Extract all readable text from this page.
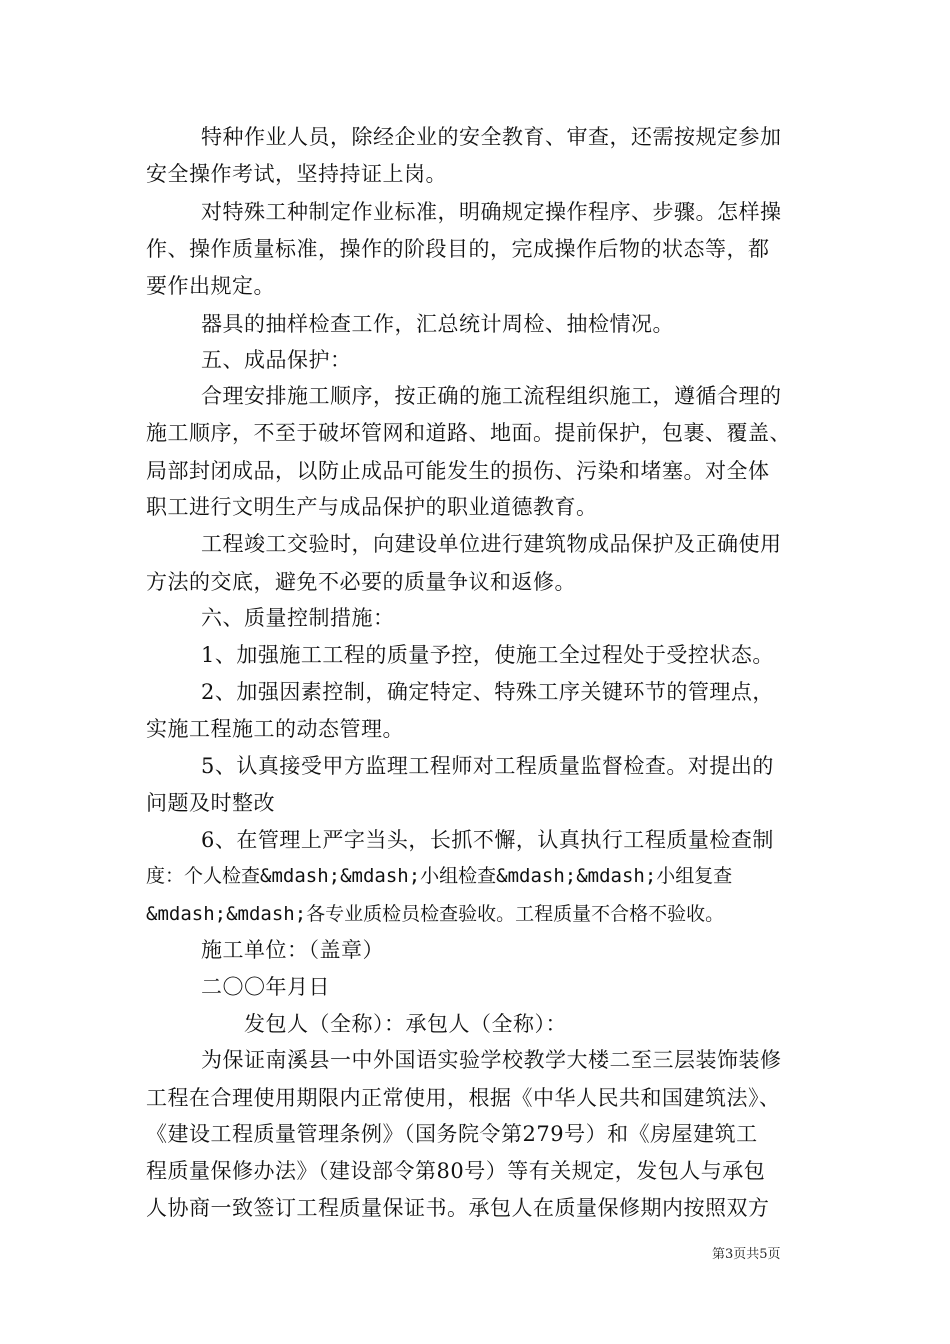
特种作业人员，除经企业的安全教育、审查，还需按规定参加
安全操作考试，坚持持证上岗。
对特殊工种制定作业标准，明确规定操作程序、步骤。怎样操
作、操作质量标准，操作的阶段目的，完成操作后物的状态等，都
要作出规定。
器具的抽样检查工作，汇总统计周检、抽检情况。
五、成品保护：
合理安排施工顺序，按正确的施工流程组织施工，遵循合理的
施工顺序，不至于破坏管网和道路、地面。提前保护，包裹、覆盖、
局部封闭成品，以防止成品可能发生的损伤、污染和堵塞。对全体
职工进行文明生产与成品保护的职业道德教育。
工程竣工交验时，向建设单位进行建筑物成品保护及正确使用
方法的交底，避免不必要的质量争议和返修。
六、质量控制措施：
1、加强施工工程的质量予控，使施工全过程处于受控状态。
2、加强因素控制，确定特定、特殊工序关键环节的管理点，
实施工程施工的动态管理。
5、认真接受甲方监理工程师对工程质量监督检查。对提出的
问题及时整改
6、在管理上严字当头，长抓不懈，认真执行工程质量检查制
度：个人检查&mdash;&mdash;小组检查&mdash;&mdash;小组复查
&mdash;&mdash;各专业质检员检查验收。工程质量不合格不验收。
施工单位：（盖章）
二〇〇年月日
发包人（全称）：承包人（全称）：
为保证南溪县一中外国语实验学校教学大楼二至三层装饰装修
工程在合理使用期限内正常使用，根据《中华人民共和国建筑法》、
《建设工程质量管理条例》（国务院令第279号）和《房屋建筑工
程质量保修办法》（建设部令第80号）等有关规定，发包人与承包
人协商一致签订工程质量保证书。承包人在质量保修期内按照双方
第3页共5页
